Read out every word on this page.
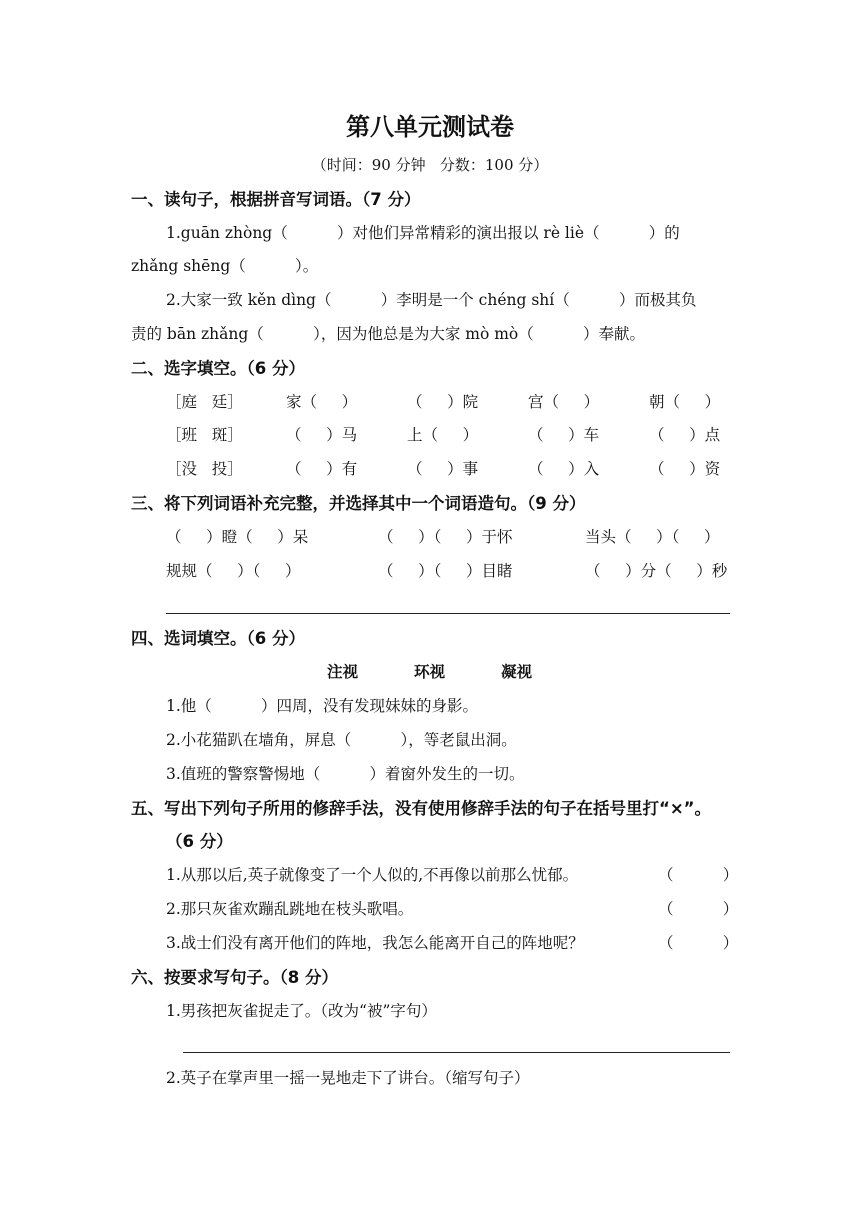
第八单元测试卷
（时间：90 分钟   分数：100 分）
一、读句子，根据拼音写词语。（7 分）
1.guān zhòng（          ）对他们异常精彩的演出报以 rè liè（          ）的
zhǎng shēng（          ）。
2.大家一致 kěn dìng（          ）李明是一个 chéng shí（          ）而极其负
责的 bān zhǎng（          ），因为他总是为大家 mò mò（          ）奉献。
二、选字填空。（6 分）
［庭   廷］	家（     ）	（     ）院	宫（     ）	朝（     ）
［班   斑］	（     ）马	上（     ）	（     ）车	（     ）点
［没   投］	（     ）有	（     ）事	（     ）入	（     ）资
三、将下列词语补充完整，并选择其中一个词语造句。（9 分）
（     ）瞪（     ）呆	（     ）（     ）于怀	当头（     ）（     ）
规规（     ）（     ）	（     ）（     ）目睹	（     ）分（     ）秒
四、选词填空。（6 分）
注视	环视	凝视
1.他（          ）四周，没有发现妹妹的身影。
2.小花猫趴在墙角，屏息（          ），等老鼠出洞。
3.值班的警察警惕地（          ）着窗外发生的一切。
五、写出下列句子所用的修辞手法，没有使用修辞手法的句子在括号里打“×”。
（6 分）
1.从那以后,英子就像变了一个人似的,不再像以前那么忧郁。	（          ）
2.那只灰雀欢蹦乱跳地在枝头歌唱。	（          ）
3.战士们没有离开他们的阵地，我怎么能离开自己的阵地呢？	（          ）
六、按要求写句子。（8 分）
1.男孩把灰雀捉走了。（改为“被”字句）
2.英子在掌声里一摇一晃地走下了讲台。（缩写句子）
